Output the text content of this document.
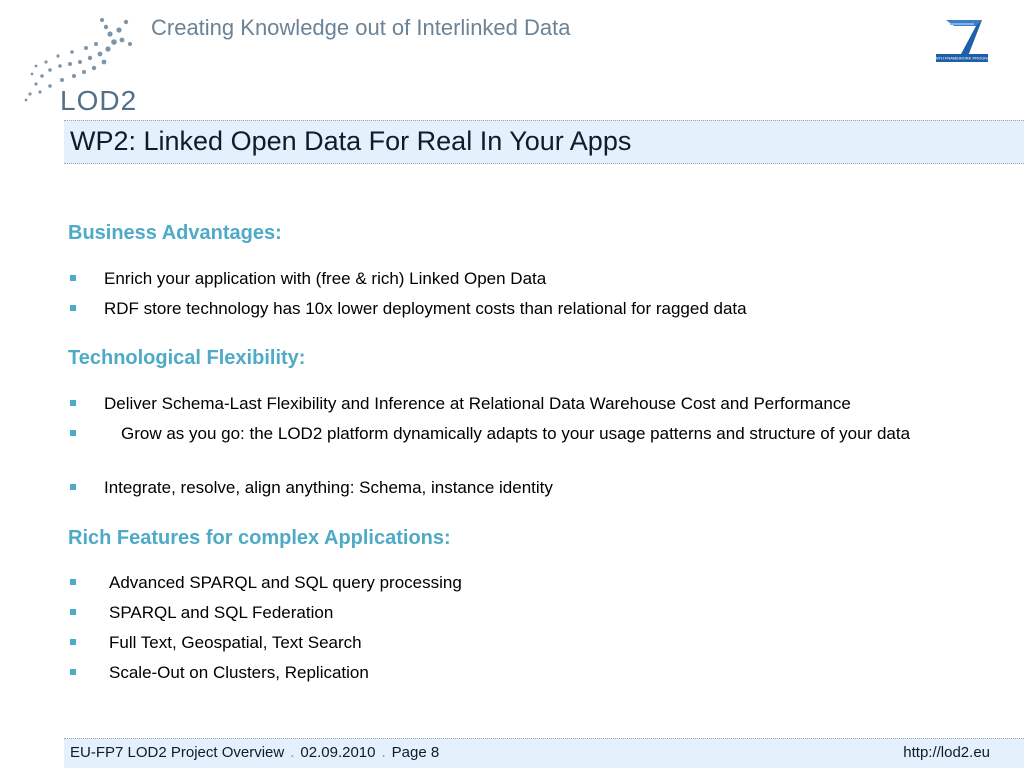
LOD2
Creating Knowledge out of Interlinked Data
SEVENTH FRAMEWORK PROGRAMME
WP2: Linked Open Data For Real In Your Apps
Business Advantages:
Enrich your application with (free & rich) Linked Open Data
RDF store technology has 10x lower deployment costs than relational for ragged data
Technological Flexibility:
Deliver Schema-Last Flexibility and Inference at Relational Data Warehouse Cost and Performance
Grow as you go: the LOD2 platform dynamically adapts to your usage patterns and structure of your data
Integrate, resolve, align anything: Schema, instance identity
Rich Features for complex Applications:
Advanced SPARQL and SQL query processing
SPARQL and SQL Federation
Full Text, Geospatial, Text Search
Scale-Out on Clusters, Replication
EU-FP7 LOD2 Project Overview . 02.09.2010 . Page 8	http://lod2.eu
